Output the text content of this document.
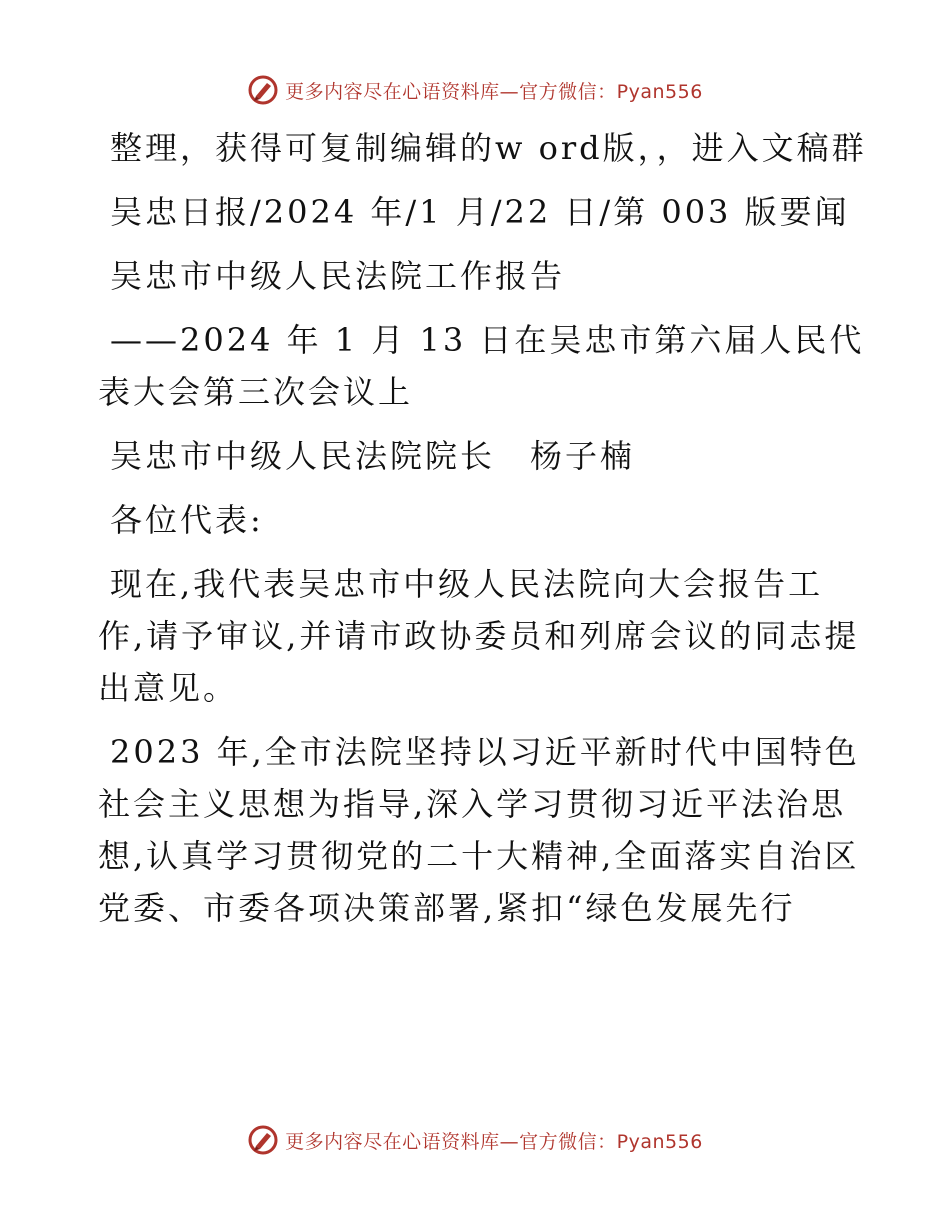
更多内容尽在心语资料库—官方微信：Pyan556

整理，获得可复制编辑的w ord版，，进入文稿群

吴忠日报/2024 年/1 月/22 日/第 003 版要闻

吴忠市中级人民法院工作报告

——2024 年 1 月 13 日在吴忠市第六届人民代表大会第三次会议上

吴忠市中级人民法院院长　杨子楠

各位代表:

现在,我代表吴忠市中级人民法院向大会报告工作,请予审议,并请市政协委员和列席会议的同志提出意见。

2023 年,全市法院坚持以习近平新时代中国特色社会主义思想为指导,深入学习贯彻习近平法治思想,认真学习贯彻党的二十大精神,全面落实自治区党委、市委各项决策部署,紧扣“绿色发展先行

更多内容尽在心语资料库—官方微信：Pyan556
